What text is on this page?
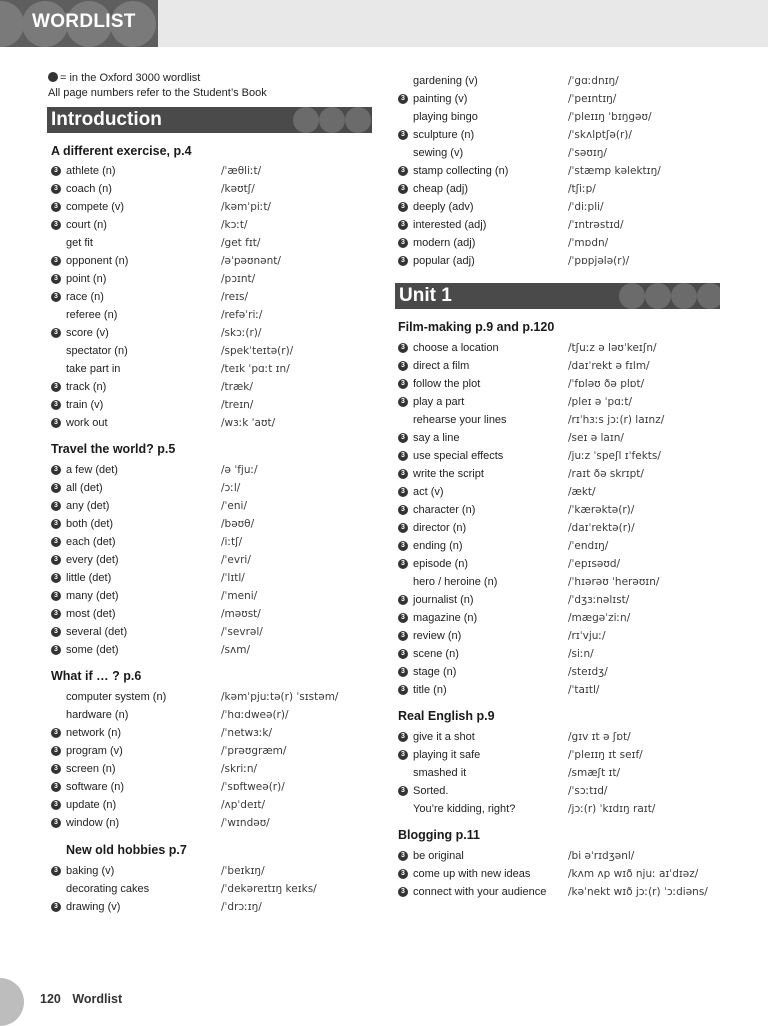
WORDLIST
= in the Oxford 3000 wordlist
All page numbers refer to the Student’s Book
Introduction
Unit 1
A different exercise, p.4
3 athlete (n)	/ˈæθliːt/
3 coach (n)	/kəʊtʃ/
3 compete (v)	/kəmˈpiːt/
3 court (n)	/kɔːt/
get fit	/get fɪt/
3 opponent (n)	/əˈpəʊnənt/
3 point (n)	/pɔɪnt/
3 race (n)	/reɪs/
referee (n)	/refəˈriː/
3 score (v)	/skɔː(r)/
spectator (n)	/spekˈteɪtə(r)/
take part in	/teɪk ˈpɑːt ɪn/
3 track (n)	/træk/
3 train (v)	/treɪn/
3 work out	/wɜːk ˈaʊt/
Travel the world? p.5
3 a few (det)	/ə ˈfjuː/
3 all (det)	/ɔːl/
3 any (det)	/ˈeni/
3 both (det)	/bəʊθ/
3 each (det)	/iːtʃ/
3 every (det)	/ˈevri/
3 little (det)	/ˈlɪtl/
3 many (det)	/ˈmeni/
3 most (det)	/məʊst/
3 several (det)	/ˈsevrəl/
3 some (det)	/sʌm/
What if … ? p.6
computer system (n)	/kəmˈpjuːtə(r) ˈsɪstəm/
hardware (n)	/ˈhɑːdweə(r)/
3 network (n)	/ˈnetwɜːk/
3 program (v)	/ˈprəʊgræm/
3 screen (n)	/skriːn/
3 software (n)	/ˈsɒftweə(r)/
3 update (n)	/ʌpˈdeɪt/
3 window (n)	/ˈwɪndəʊ/
New old hobbies p.7
3 baking (v)	/ˈbeɪkɪŋ/
decorating cakes	/ˈdekəreɪtɪŋ keɪks/
3 drawing (v)	/ˈdrɔːɪŋ/
gardening (v)	/ˈgɑːdnɪŋ/
3 painting (v)	/ˈpeɪntɪŋ/
playing bingo	/ˈpleɪɪŋ ˈbɪŋgəʊ/
3 sculpture (n)	/ˈskʌlptʃə(r)/
sewing (v)	/ˈsəʊɪŋ/
3 stamp collecting (n)	/ˈstæmp kəlektɪŋ/
3 cheap (adj)	/tʃiːp/
3 deeply (adv)	/ˈdiːpli/
3 interested (adj)	/ˈɪntrəstɪd/
3 modern (adj)	/ˈmɒdn/
3 popular (adj)	/ˈpɒpjələ(r)/
Film-making p.9 and p.120
3 choose a location	/tʃuːz ə ləʊˈkeɪʃn/
3 direct a film	/daɪˈrekt ə fɪlm/
3 follow the plot	/ˈfɒləʊ ðə plɒt/
3 play a part	/pleɪ ə ˈpɑːt/
rehearse your lines	/rɪˈhɜːs jɔː(r) laɪnz/
3 say a line	/seɪ ə laɪn/
3 use special effects	/juːz ˈspeʃl ɪˈfekts/
3 write the script	/raɪt ðə skrɪpt/
3 act (v)	/ækt/
3 character (n)	/ˈkærəktə(r)/
3 director (n)	/daɪˈrektə(r)/
3 ending (n)	/ˈendɪŋ/
3 episode (n)	/ˈepɪsəʊd/
hero / heroine (n)	/ˈhɪərəʊ ˈherəʊɪn/
3 journalist (n)	/ˈdʒɜːnəlɪst/
3 magazine (n)	/mægəˈziːn/
3 review (n)	/rɪˈvjuː/
3 scene (n)	/siːn/
3 stage (n)	/steɪdʒ/
3 title (n)	/ˈtaɪtl/
Real English p.9
3 give it a shot	/gɪv ɪt ə ʃɒt/
3 playing it safe	/ˈpleɪɪŋ ɪt seɪf/
smashed it	/smæʃt ɪt/
3 Sorted.	/ˈsɔːtɪd/
You’re kidding, right?	/jɔː(r) ˈkɪdɪŋ raɪt/
Blogging p.11
3 be original	/bi əˈrɪdʒənl/
3 come up with new ideas	/kʌm ʌp wɪð njuː aɪˈdɪəz/
3 connect with your audience /kəˈnekt wɪð jɔː(r) ˈɔːdiəns/
120 Wordlist
